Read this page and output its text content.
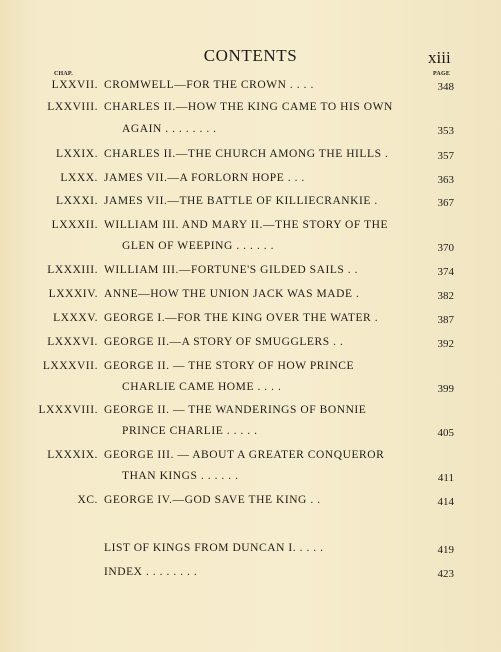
CONTENTS	xiii
CHAP.	PAGE
LXXVII. CROMWELL—FOR THE CROWN . . . .	348
LXXVIII. CHARLES II.—HOW THE KING CAME TO HIS OWN
AGAIN . . . . . . . .	353
LXXIX. CHARLES II.—THE CHURCH AMONG THE HILLS .	357
LXXX. JAMES VII.—A FORLORN HOPE . . .	363
LXXXI. JAMES VII.—THE BATTLE OF KILLIECRANKIE .	367
LXXXII. WILLIAM III. AND MARY II.—THE STORY OF THE
GLEN OF WEEPING . . . . . .	370
LXXXIII. WILLIAM III.—FORTUNE'S GILDED SAILS . .	374
LXXXIV. ANNE—HOW THE UNION JACK WAS MADE .	382
LXXXV. GEORGE I.—FOR THE KING OVER THE WATER .	387
LXXXVI. GEORGE II.—A STORY OF SMUGGLERS . .	392
LXXXVII. GEORGE II. — THE STORY OF HOW PRINCE
CHARLIE CAME HOME . . . .	399
LXXXVIII. GEORGE II. — THE WANDERINGS OF BONNIE
PRINCE CHARLIE . . . . .	405
LXXXIX. GEORGE III. — ABOUT A GREATER CONQUEROR
THAN KINGS . . . . . .	411
XC. GEORGE IV.—GOD SAVE THE KING . .	414
LIST OF KINGS FROM DUNCAN I. . . . .	419
INDEX . . . . . . . .	423
